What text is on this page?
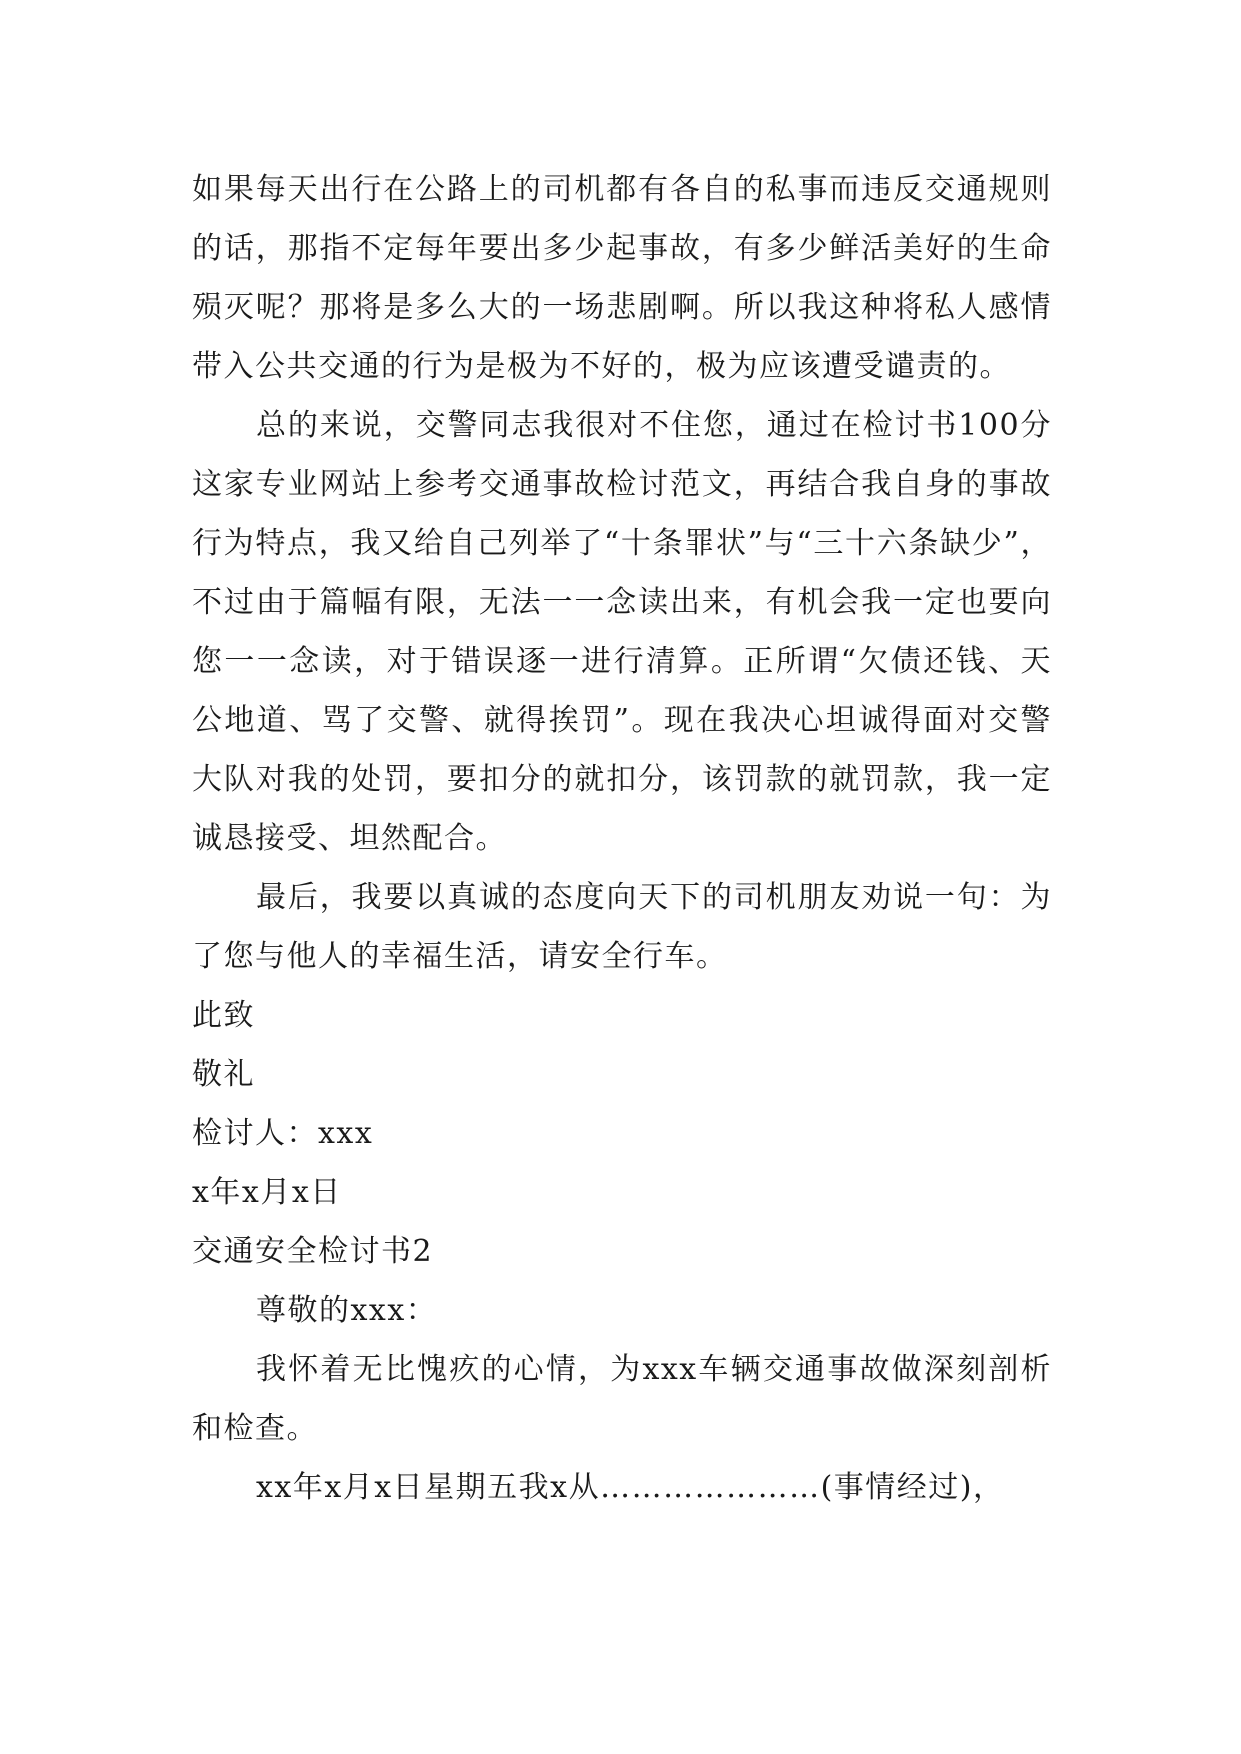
如果每天出行在公路上的司机都有各自的私事而违反交通规则的话，那指不定每年要出多少起事故，有多少鲜活美好的生命殒灭呢？那将是多么大的一场悲剧啊。所以我这种将私人感情带入公共交通的行为是极为不好的，极为应该遭受谴责的。

总的来说，交警同志我很对不住您，通过在检讨书100分这家专业网站上参考交通事故检讨范文，再结合我自身的事故行为特点，我又给自己列举了“十条罪状”与“三十六条缺少”，不过由于篇幅有限，无法一一念读出来，有机会我一定也要向您一一念读，对于错误逐一进行清算。正所谓“欠债还钱、天公地道、骂了交警、就得挨罚”。现在我决心坦诚得面对交警大队对我的处罚，要扣分的就扣分，该罚款的就罚款，我一定诚恳接受、坦然配合。

最后，我要以真诚的态度向天下的司机朋友劝说一句：为了您与他人的幸福生活，请安全行车。

此致

敬礼

检讨人：xxx

x年x月x日

交通安全检讨书2

尊敬的xxx：

我怀着无比愧疚的心情，为xxx车辆交通事故做深刻剖析和检查。

xx年x月x日星期五我x从…………………(事情经过)，
